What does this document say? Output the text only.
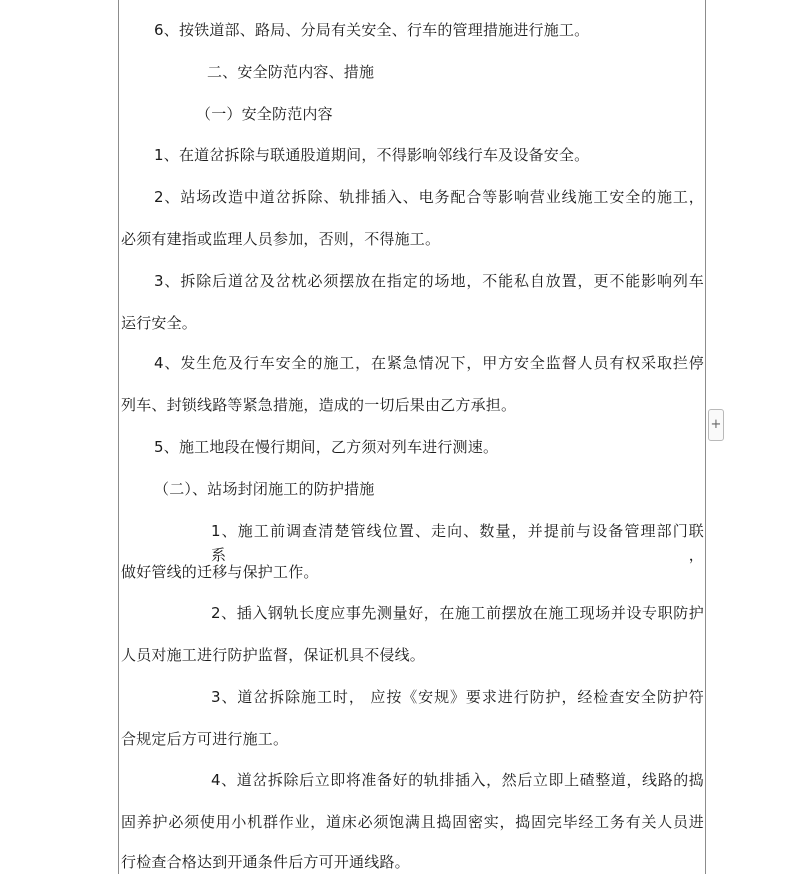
6、按铁道部、路局、分局有关安全、行车的管理措施进行施工。
二、安全防范内容、措施
（一）安全防范内容
1、在道岔拆除与联通股道期间，不得影响邻线行车及设备安全。
2、站场改造中道岔拆除、轨排插入、电务配合等影响营业线施工安全的施工，
必须有建指或监理人员参加，否则，不得施工。
3、拆除后道岔及岔枕必须摆放在指定的场地，不能私自放置，更不能影响列车
运行安全。
4、发生危及行车安全的施工，在紧急情况下，甲方安全监督人员有权采取拦停
列车、封锁线路等紧急措施，造成的一切后果由乙方承担。
5、施工地段在慢行期间，乙方须对列车进行测速。
（二）、站场封闭施工的防护措施
1、施工前调查清楚管线位置、走向、数量，并提前与设备管理部门联系，
做好管线的迁移与保护工作。
2、插入钢轨长度应事先测量好，在施工前摆放在施工现场并设专职防护
人员对施工进行防护监督，保证机具不侵线。
3、道岔拆除施工时， 应按《安规》要求进行防护，经检查安全防护符
合规定后方可进行施工。
4、道岔拆除后立即将准备好的轨排插入，然后立即上碴整道，线路的捣
固养护必须使用小机群作业，道床必须饱满且捣固密实，捣固完毕经工务有关人员进
行检查合格达到开通条件后方可开通线路。
+
